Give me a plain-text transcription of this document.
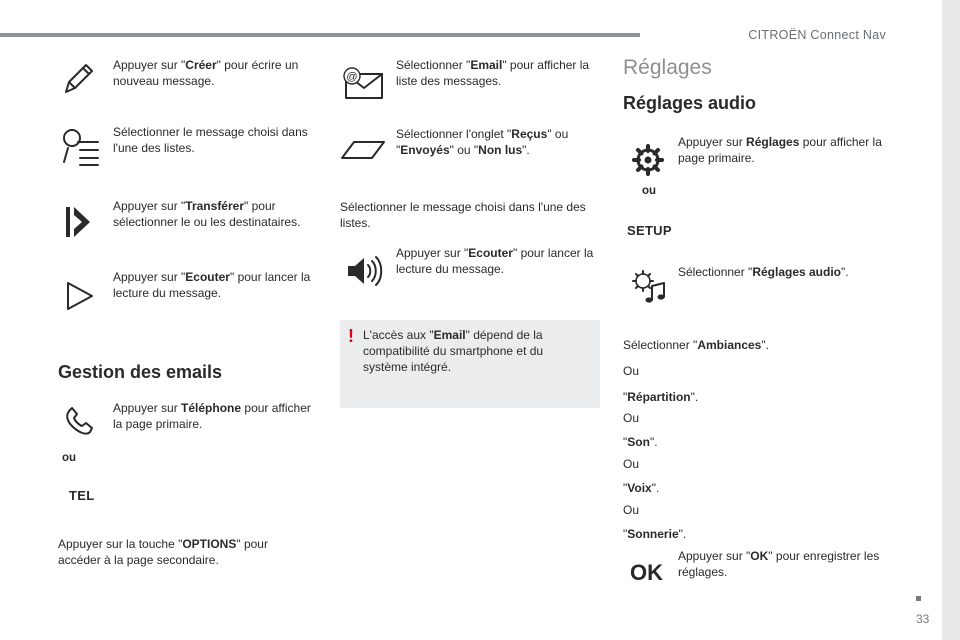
CITROËN Connect Nav
33
Appuyer sur "Créer" pour écrire un nouveau message.
Sélectionner le message choisi dans l'une des listes.
Appuyer sur "Transférer" pour sélectionner le ou les destinataires.
Appuyer sur "Ecouter" pour lancer la lecture du message.
Gestion des emails
Appuyer sur Téléphone pour afficher la page primaire.
ou
TEL
Appuyer sur la touche "OPTIONS" pour accéder à la page secondaire.
@
Sélectionner "Email" pour afficher la liste des messages.
Sélectionner l'onglet "Reçus" ou "Envoyés" ou "Non lus".
Sélectionner le message choisi dans l'une des listes.
Appuyer sur "Ecouter" pour lancer la lecture du message.
! L'accès aux "Email" dépend de la compatibilité du smartphone et du système intégré.
Réglages
Réglages audio
Appuyer sur Réglages pour afficher la page primaire.
ou
SETUP
Sélectionner "Réglages audio".
Sélectionner "Ambiances".
Ou
"Répartition".
Ou
"Son".
Ou
"Voix".
Ou
"Sonnerie".
OK
Appuyer sur "OK" pour enregistrer les réglages.
